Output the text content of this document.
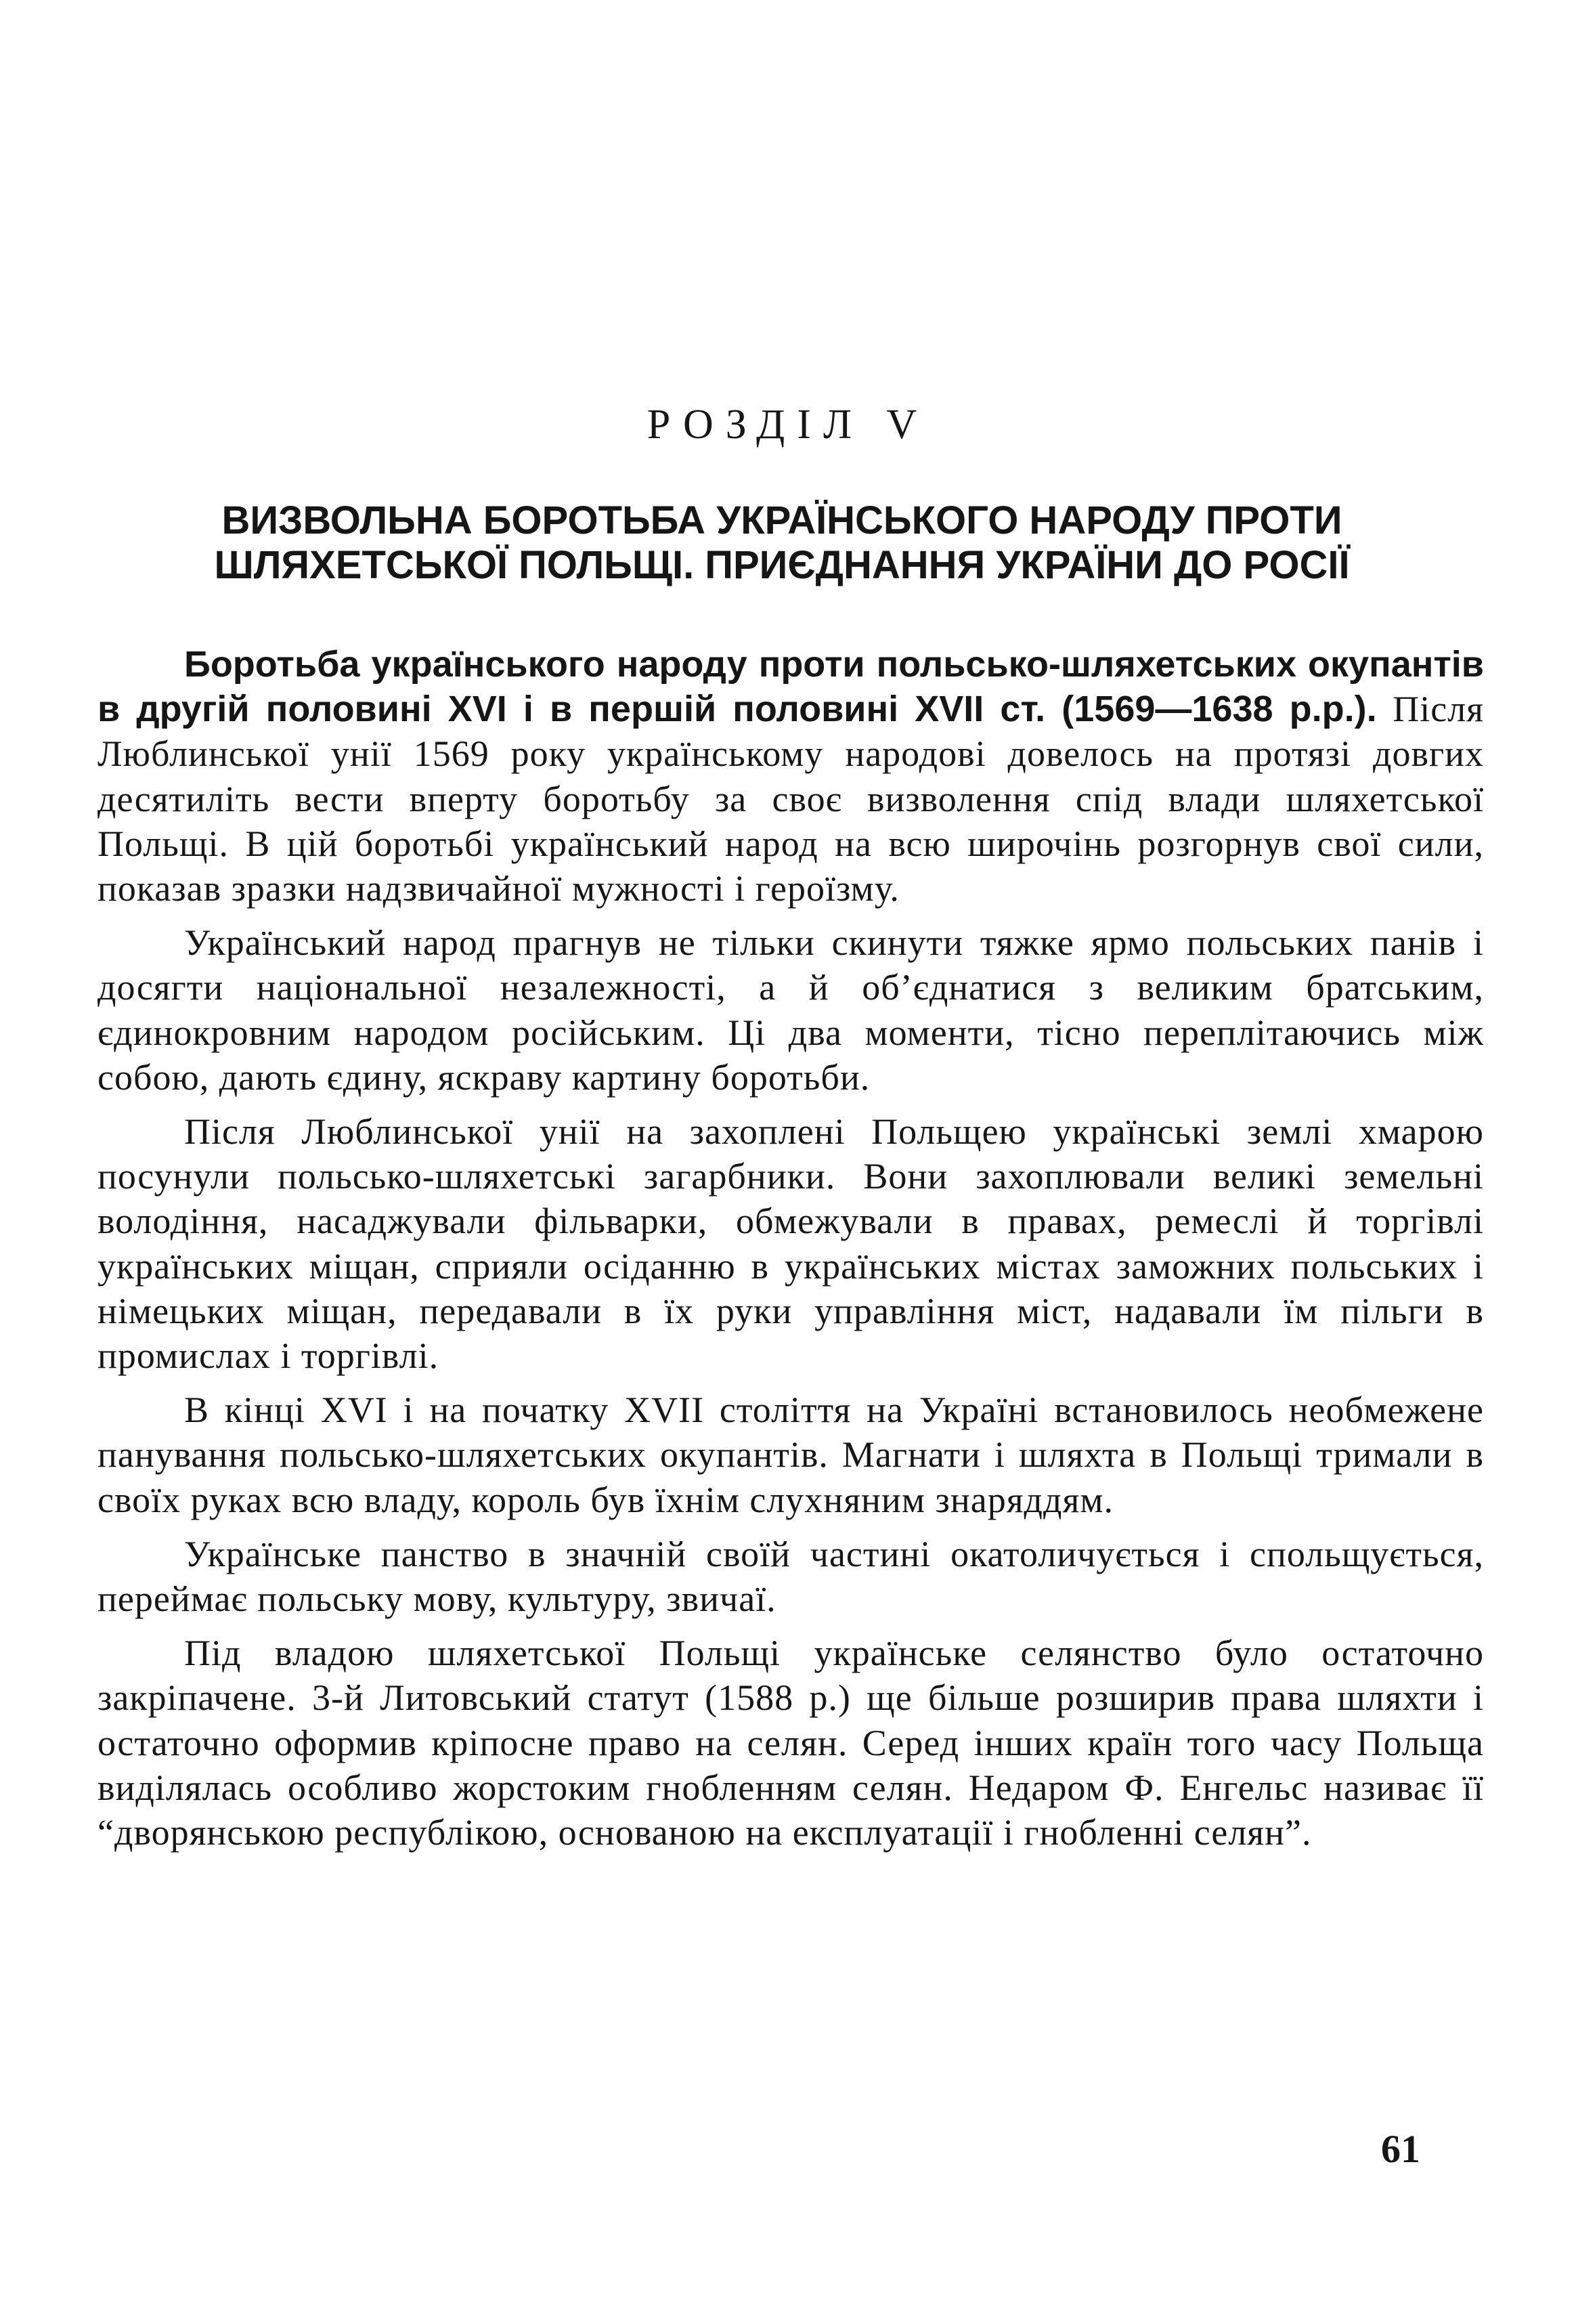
РОЗДІЛ V
ВИЗВОЛЬНА БОРОТЬБА УКРАЇНСЬКОГО НАРОДУ ПРОТИ
ШЛЯХЕТСЬКОЇ ПОЛЬЩІ. ПРИЄДНАННЯ УКРАЇНИ ДО РОСІЇ

Боротьба українського народу проти польсько-шляхетських окупантів в другій половині XVI і в першій половині XVII ст. (1569—1638 р.р.). Після Люблинської унії 1569 року українському народові довелось на протязі довгих десятиліть вести вперту боротьбу за своє визволення спід влади шляхетської Польщі. В цій боротьбі український народ на всю широчінь розгорнув свої сили, показав зразки надзвичайної мужності і героїзму.

Український народ прагнув не тільки скинути тяжке ярмо польських панів і досягти національної незалежності, а й об’єднатися з великим братським, єдинокровним народом російським. Ці два моменти, тісно переплітаючись між собою, дають єдину, яскраву картину боротьби.

Після Люблинської унії на захоплені Польщею українські землі хмарою посунули польсько-шляхетські загарбники. Вони захоплювали великі земельні володіння, насаджували фільварки, обмежували в правах, ремеслі й торгівлі українських міщан, сприяли осіданню в українських містах заможних польських і німецьких міщан, передавали в їх руки управління міст, надавали їм пільги в промислах і торгівлі.

В кінці XVI і на початку XVII століття на Україні встановилось необмежене панування польсько-шляхетських окупантів. Магнати і шляхта в Польщі тримали в своїх руках всю владу, король був їхнім слухняним знаряддям.

Українське панство в значній своїй частині окатоличується і спольщується, переймає польську мову, культуру, звичаї.

Під владою шляхетської Польщі українське селянство було остаточно закріпачене. 3-й Литовський статут (1588 р.) ще більше розширив права шляхти і остаточно оформив кріпосне право на селян. Серед інших країн того часу Польща виділялась особливо жорстоким гнобленням селян. Недаром Ф. Енгельс називає її “дворянською республікою, основаною на експлуатації і гнобленні селян”.

61
